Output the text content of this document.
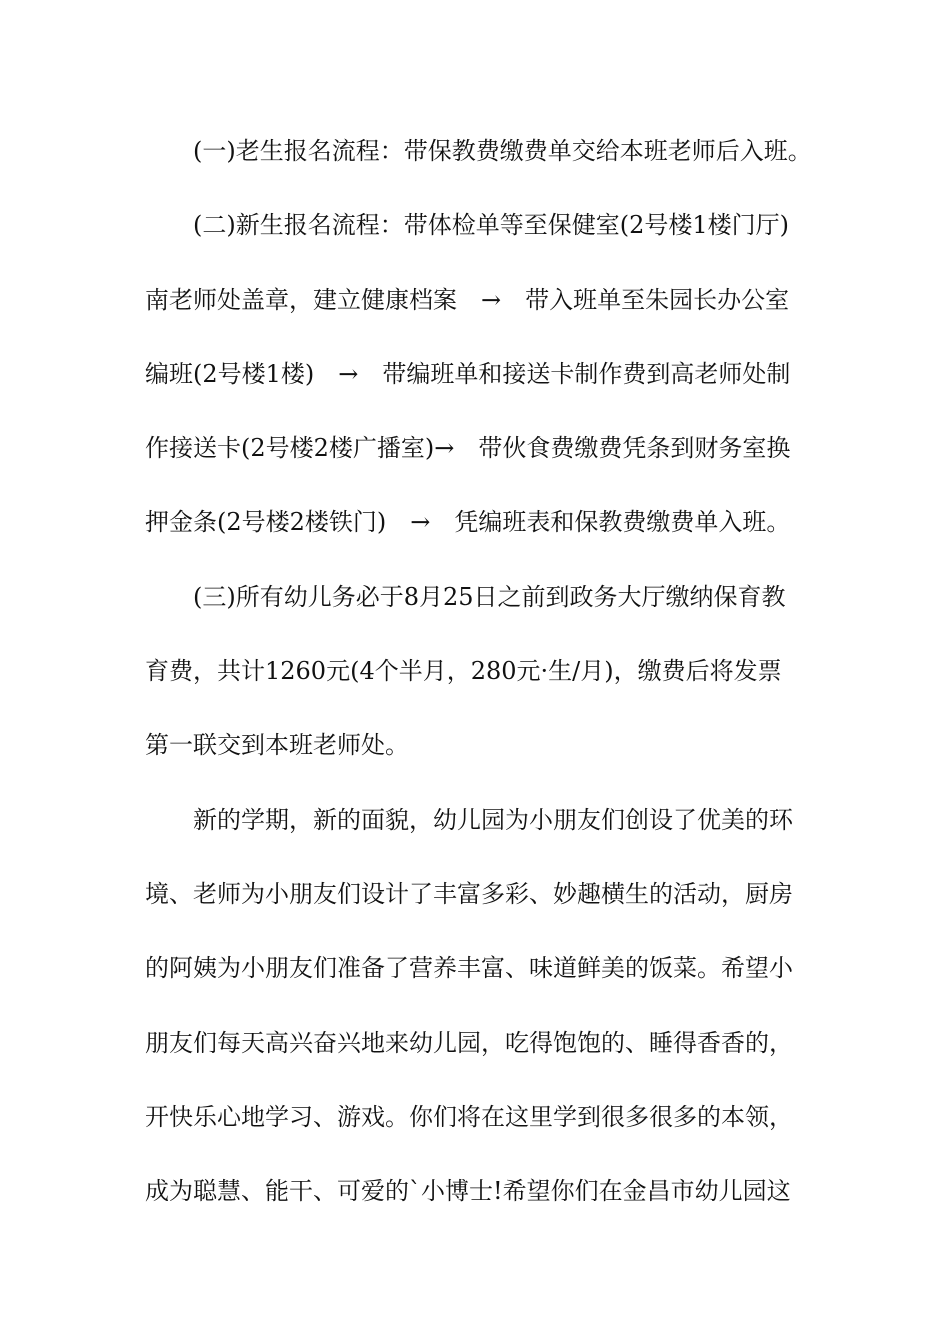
(一)老生报名流程：带保教费缴费单交给本班老师后入班。
(二)新生报名流程：带体检单等至保健室(2号楼1楼门厅)
南老师处盖章，建立健康档案　→　带入班单至朱园长办公室
编班(2号楼1楼)　→　带编班单和接送卡制作费到高老师处制
作接送卡(2号楼2楼广播室)→　带伙食费缴费凭条到财务室换
押金条(2号楼2楼铁门)　→　凭编班表和保教费缴费单入班。
(三)所有幼儿务必于8月25日之前到政务大厅缴纳保育教
育费，共计1260元(4个半月，280元·生/月)，缴费后将发票
第一联交到本班老师处。
新的学期，新的面貌，幼儿园为小朋友们创设了优美的环
境、老师为小朋友们设计了丰富多彩、妙趣横生的活动，厨房
的阿姨为小朋友们准备了营养丰富、味道鲜美的饭菜。希望小
朋友们每天高兴奋兴地来幼儿园，吃得饱饱的、睡得香香的，
开快乐心地学习、游戏。你们将在这里学到很多很多的本领，
成为聪慧、能干、可爱的`小博士!希望你们在金昌市幼儿园这
